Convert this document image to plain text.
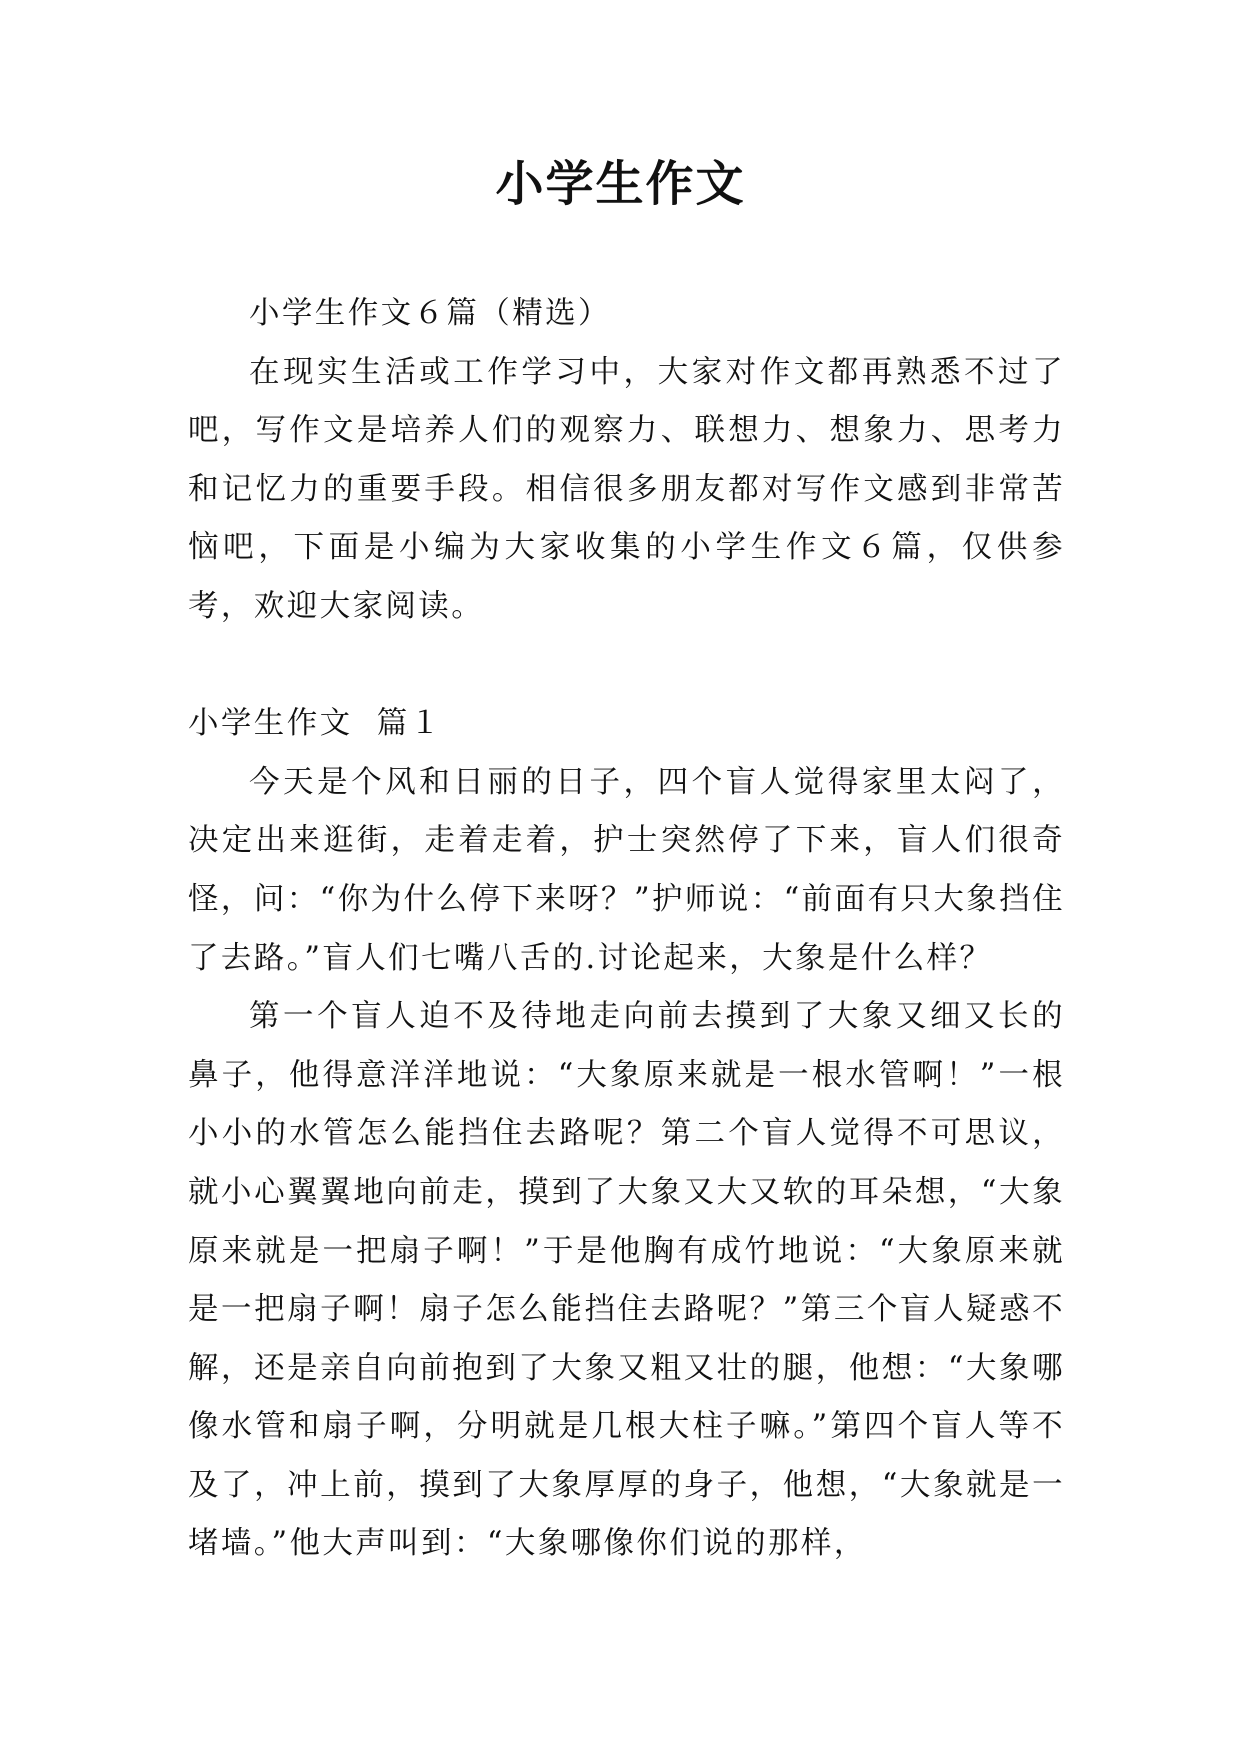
小学生作文

小学生作文６篇（精选）

在现实生活或工作学习中，大家对作文都再熟悉不过了吧，写作文是培养人们的观察力、联想力、想象力、思考力和记忆力的重要手段。相信很多朋友都对写作文感到非常苦恼吧，下面是小编为大家收集的小学生作文６篇，仅供参考，欢迎大家阅读。

小学生作文  篇１

今天是个风和日丽的日子，四个盲人觉得家里太闷了，决定出来逛街，走着走着，护士突然停了下来，盲人们很奇怪，问：“你为什么停下来呀？”护师说：“前面有只大象挡住了去路。”盲人们七嘴八舌的.讨论起来，大象是什么样？

第一个盲人迫不及待地走向前去摸到了大象又细又长的鼻子，他得意洋洋地说：“大象原来就是一根水管啊！”一根小小的水管怎么能挡住去路呢？第二个盲人觉得不可思议，就小心翼翼地向前走，摸到了大象又大又软的耳朵想，“大象原来就是一把扇子啊！”于是他胸有成竹地说：“大象原来就是一把扇子啊！扇子怎么能挡住去路呢？”第三个盲人疑惑不解，还是亲自向前抱到了大象又粗又壮的腿，他想：“大象哪像水管和扇子啊，分明就是几根大柱子嘛。”第四个盲人等不及了，冲上前，摸到了大象厚厚的身子，他想，“大象就是一堵墙。”他大声叫到：“大象哪像你们说的那样，
